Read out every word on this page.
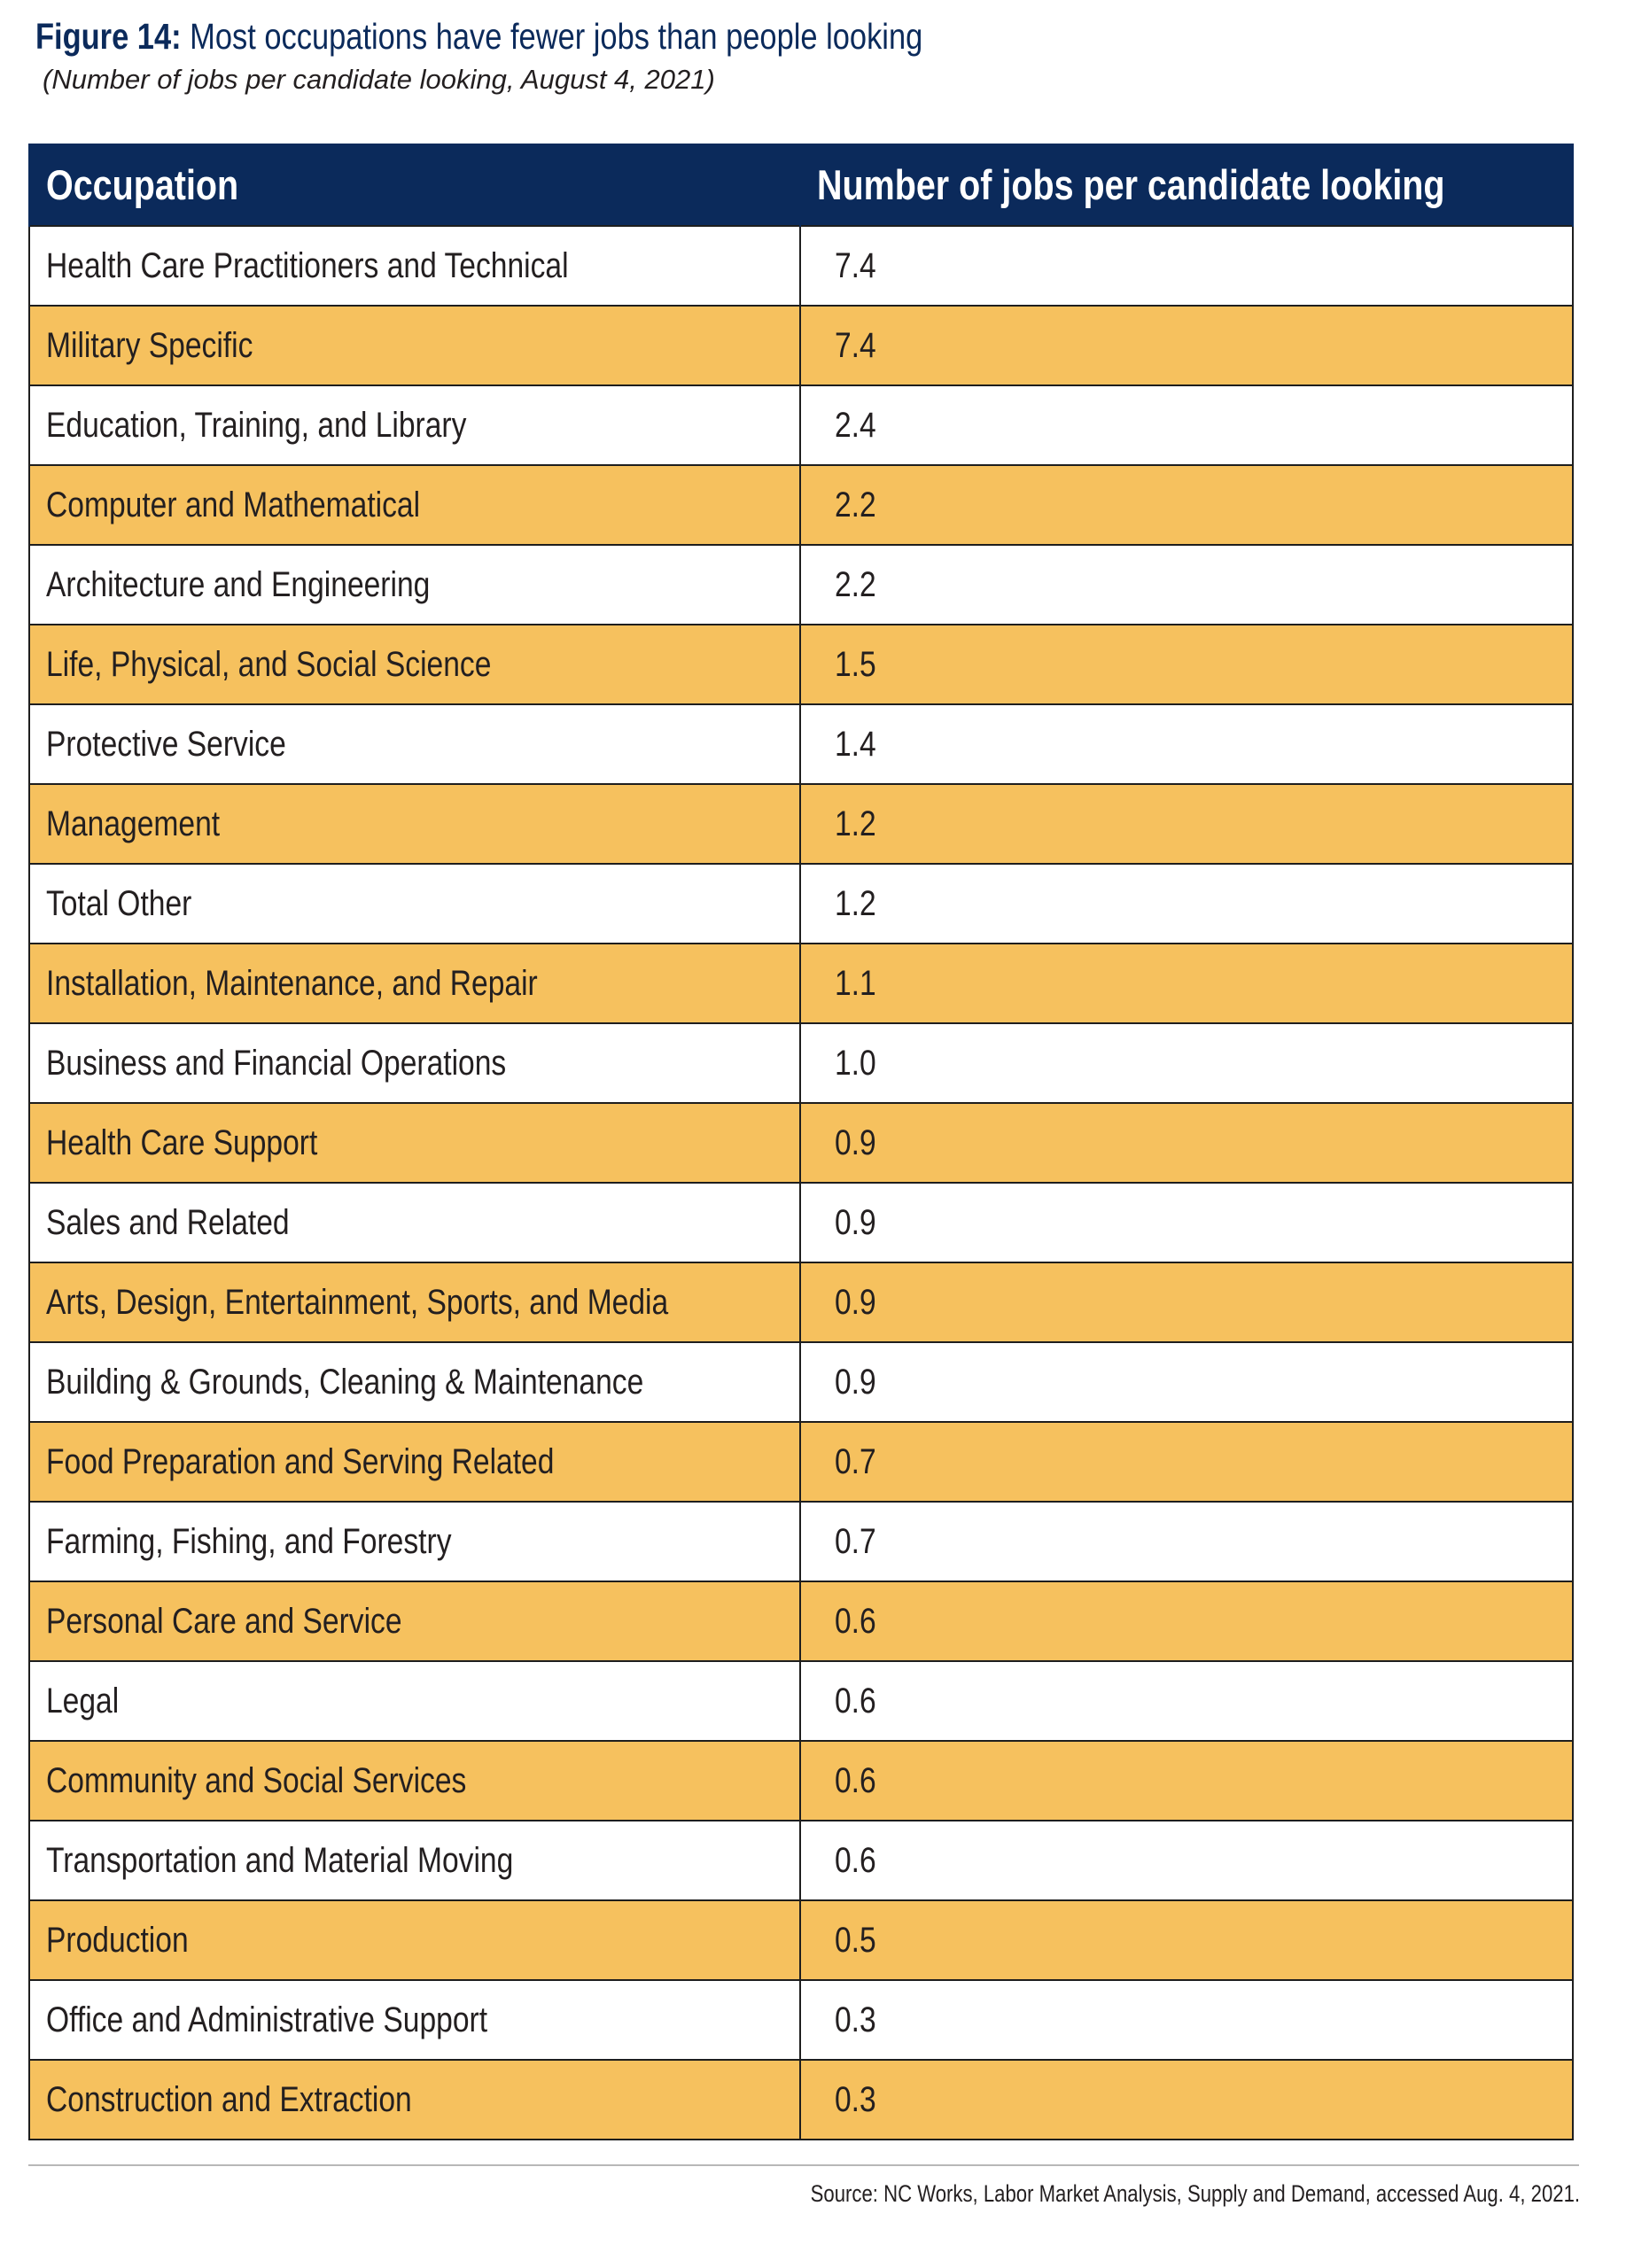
Figure 14: Most occupations have fewer jobs than people looking
(Number of jobs per candidate looking, August 4, 2021)
Occupation	Number of jobs per candidate looking
Health Care Practitioners and Technical	7.4
Military Specific	7.4
Education, Training, and Library	2.4
Computer and Mathematical	2.2
Architecture and Engineering	2.2
Life, Physical, and Social Science	1.5
Protective Service	1.4
Management	1.2
Total Other	1.2
Installation, Maintenance, and Repair	1.1
Business and Financial Operations	1.0
Health Care Support	0.9
Sales and Related	0.9
Arts, Design, Entertainment, Sports, and Media	0.9
Building & Grounds, Cleaning & Maintenance	0.9
Food Preparation and Serving Related	0.7
Farming, Fishing, and Forestry	0.7
Personal Care and Service	0.6
Legal	0.6
Community and Social Services	0.6
Transportation and Material Moving	0.6
Production	0.5
Office and Administrative Support	0.3
Construction and Extraction	0.3
Source: NC Works, Labor Market Analysis, Supply and Demand, accessed Aug. 4, 2021.
